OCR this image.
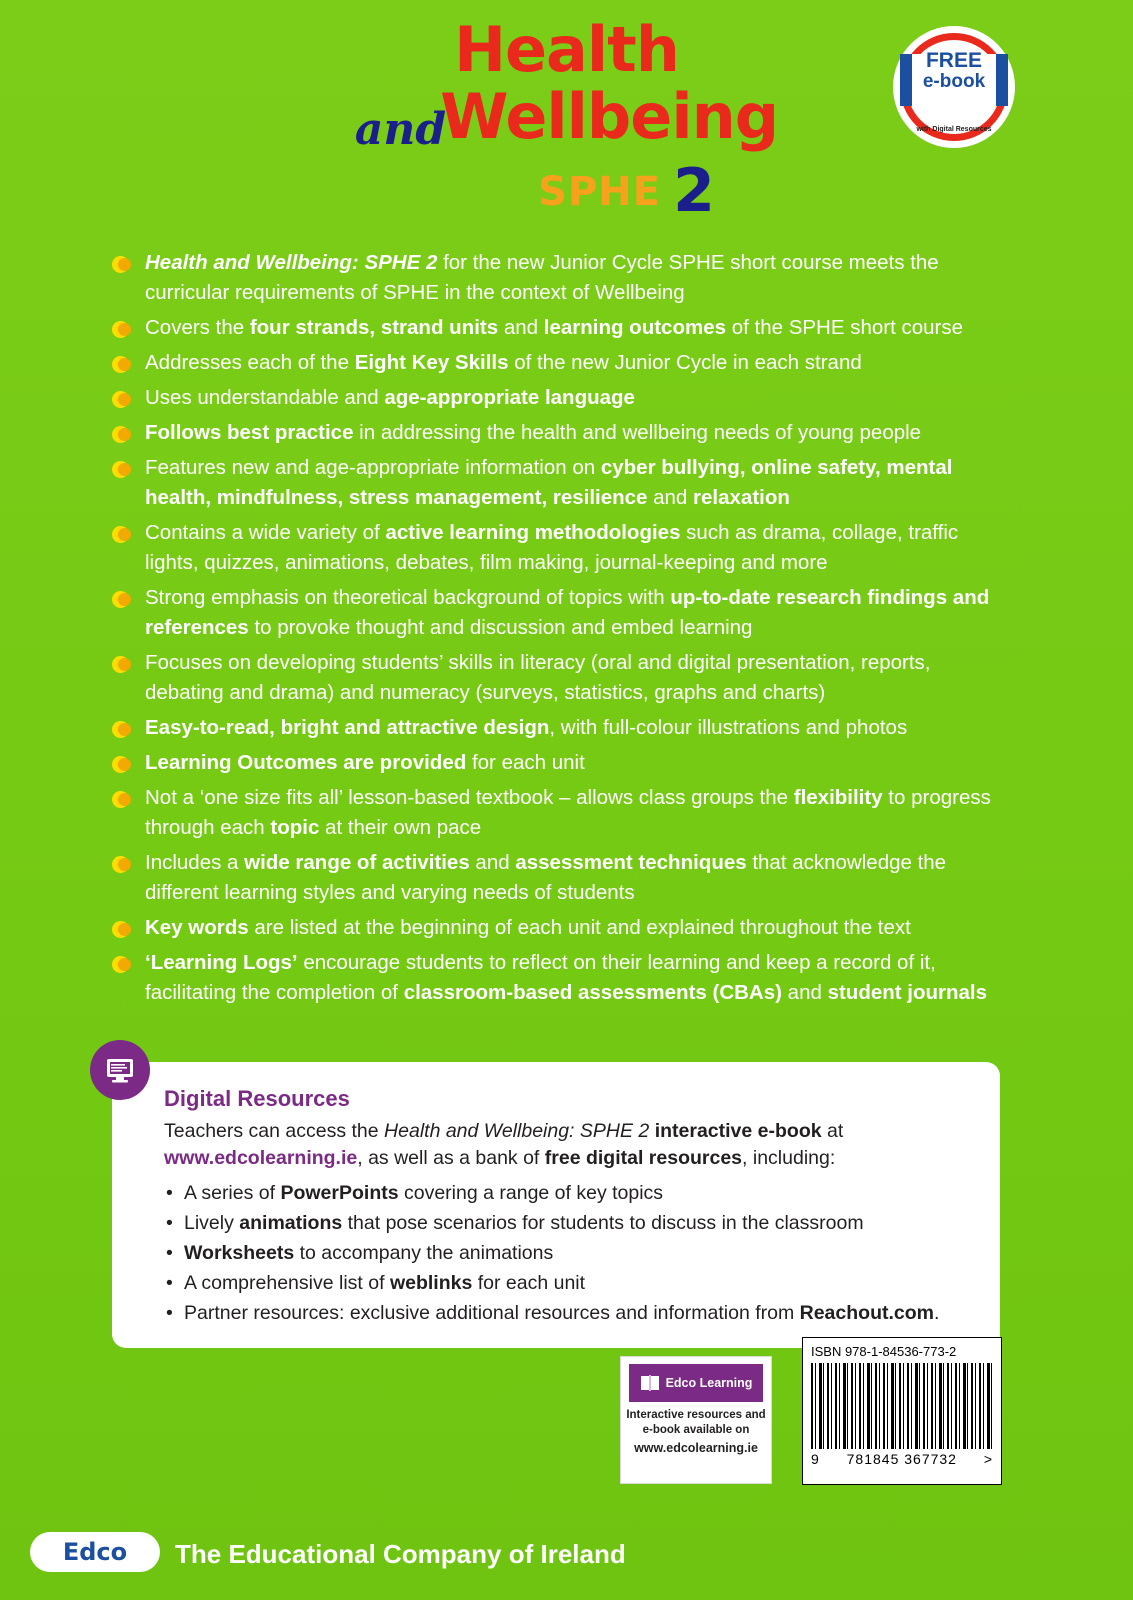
Health
andWellbeing
SPHE 2
FREE
e-book
with Digital Resources
Health and Wellbeing: SPHE 2 for the new Junior Cycle SPHE short course meets the curricular requirements of SPHE in the context of Wellbeing
Covers the four strands, strand units and learning outcomes of the SPHE short course
Addresses each of the Eight Key Skills of the new Junior Cycle in each strand
Uses understandable and age-appropriate language
Follows best practice in addressing the health and wellbeing needs of young people
Features new and age-appropriate information on cyber bullying, online safety, mental health, mindfulness, stress management, resilience and relaxation
Contains a wide variety of active learning methodologies such as drama, collage, traffic lights, quizzes, animations, debates, film making, journal-keeping and more
Strong emphasis on theoretical background of topics with up-to-date research findings and references to provoke thought and discussion and embed learning
Focuses on developing students’ skills in literacy (oral and digital presentation, reports, debating and drama) and numeracy (surveys, statistics, graphs and charts)
Easy-to-read, bright and attractive design, with full-colour illustrations and photos
Learning Outcomes are provided for each unit
Not a ‘one size fits all’ lesson-based textbook – allows class groups the flexibility to progress through each topic at their own pace
Includes a wide range of activities and assessment techniques that acknowledge the different learning styles and varying needs of students
Key words are listed at the beginning of each unit and explained throughout the text
‘Learning Logs’ encourage students to reflect on their learning and keep a record of it, facilitating the completion of classroom-based assessments (CBAs) and student journals
Digital Resources
Teachers can access the Health and Wellbeing: SPHE 2 interactive e-book at www.edcolearning.ie, as well as a bank of free digital resources, including:
• A series of PowerPoints covering a range of key topics
• Lively animations that pose scenarios for students to discuss in the classroom
• Worksheets to accompany the animations
• A comprehensive list of weblinks for each unit
• Partner resources: exclusive additional resources and information from Reachout.com.
Edco Learning
Interactive resources and e-book available on
www.edcolearning.ie
ISBN 978-1-84536-773-2
9 781845 367732 >
Edco The Educational Company of Ireland
